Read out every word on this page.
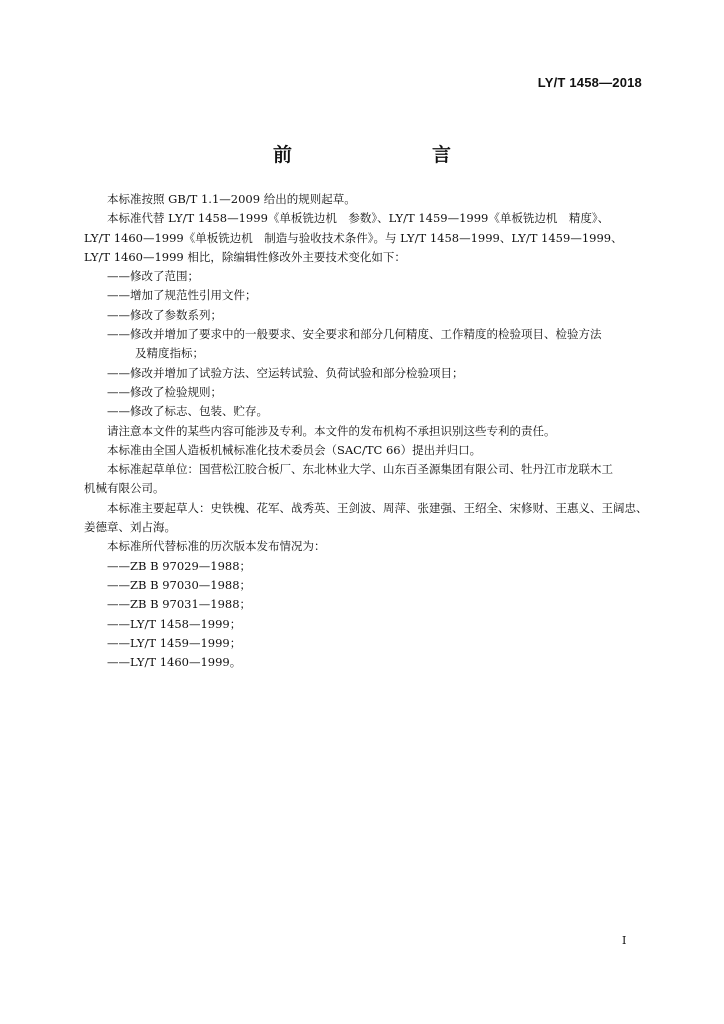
LY/T 1458—2018
前　　言

本标准按照 GB/T 1.1—2009 给出的规则起草。

本标准代替 LY/T 1458—1999《单板铣边机　参数》、LY/T 1459—1999《单板铣边机　精度》、

LY/T 1460—1999《单板铣边机　制造与验收技术条件》。与 LY/T 1458—1999、LY/T 1459—1999、

LY/T 1460—1999 相比，除编辑性修改外主要技术变化如下：

——修改了范围；

——增加了规范性引用文件；

——修改了参数系列；

——修改并增加了要求中的一般要求、安全要求和部分几何精度、工作精度的检验项目、检验方法

及精度指标；

——修改并增加了试验方法、空运转试验、负荷试验和部分检验项目；

——修改了检验规则；

——修改了标志、包装、贮存。

请注意本文件的某些内容可能涉及专利。本文件的发布机构不承担识别这些专利的责任。

本标准由全国人造板机械标准化技术委员会（SAC/TC 66）提出并归口。

本标准起草单位：国营松江胶合板厂、东北林业大学、山东百圣源集团有限公司、牡丹江市龙联木工

机械有限公司。

本标准主要起草人：史铁槐、花军、战秀英、王剑波、周萍、张建强、王绍全、宋修财、王惠义、王阔忠、

姜德章、刘占海。

本标准所代替标准的历次版本发布情况为：

——ZB B 97029—1988；

——ZB B 97030—1988；

——ZB B 97031—1988；

——LY/T 1458—1999；

——LY/T 1459—1999；

——LY/T 1460—1999。

I
